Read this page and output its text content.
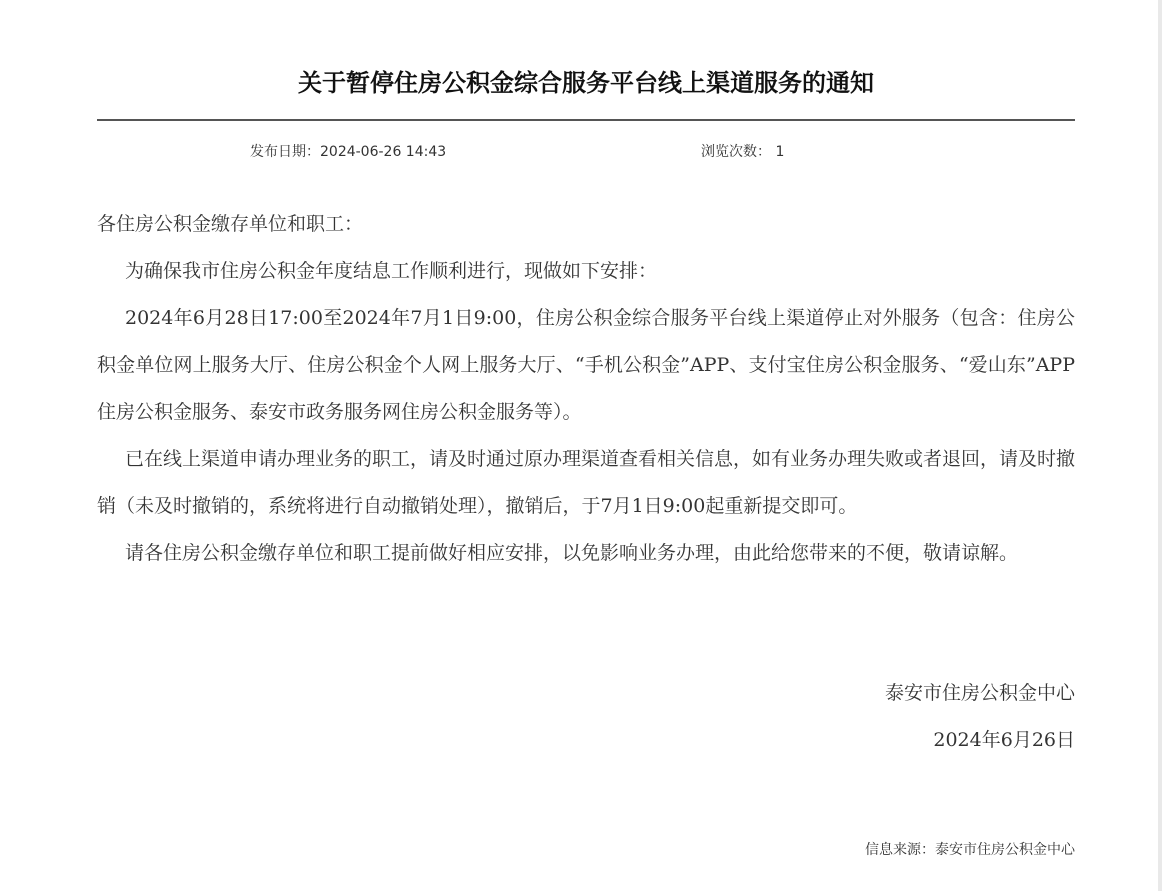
关于暂停住房公积金综合服务平台线上渠道服务的通知
发布日期：2024-06-26 14:43	浏览次数： 1

各住房公积金缴存单位和职工：

为确保我市住房公积金年度结息工作顺利进行，现做如下安排：

2024年6月28日17:00至2024年7月1日9:00，住房公积金综合服务平台线上渠道停止对外服务（包含：住房公积金单位网上服务大厅、住房公积金个人网上服务大厅、“手机公积金”APP、支付宝住房公积金服务、“爱山东”APP住房公积金服务、泰安市政务服务网住房公积金服务等）。

已在线上渠道申请办理业务的职工，请及时通过原办理渠道查看相关信息，如有业务办理失败或者退回，请及时撤销（未及时撤销的，系统将进行自动撤销处理），撤销后，于7月1日9:00起重新提交即可。

请各住房公积金缴存单位和职工提前做好相应安排，以免影响业务办理，由此给您带来的不便，敬请谅解。

泰安市住房公积金中心
2024年6月26日
信息来源：泰安市住房公积金中心
